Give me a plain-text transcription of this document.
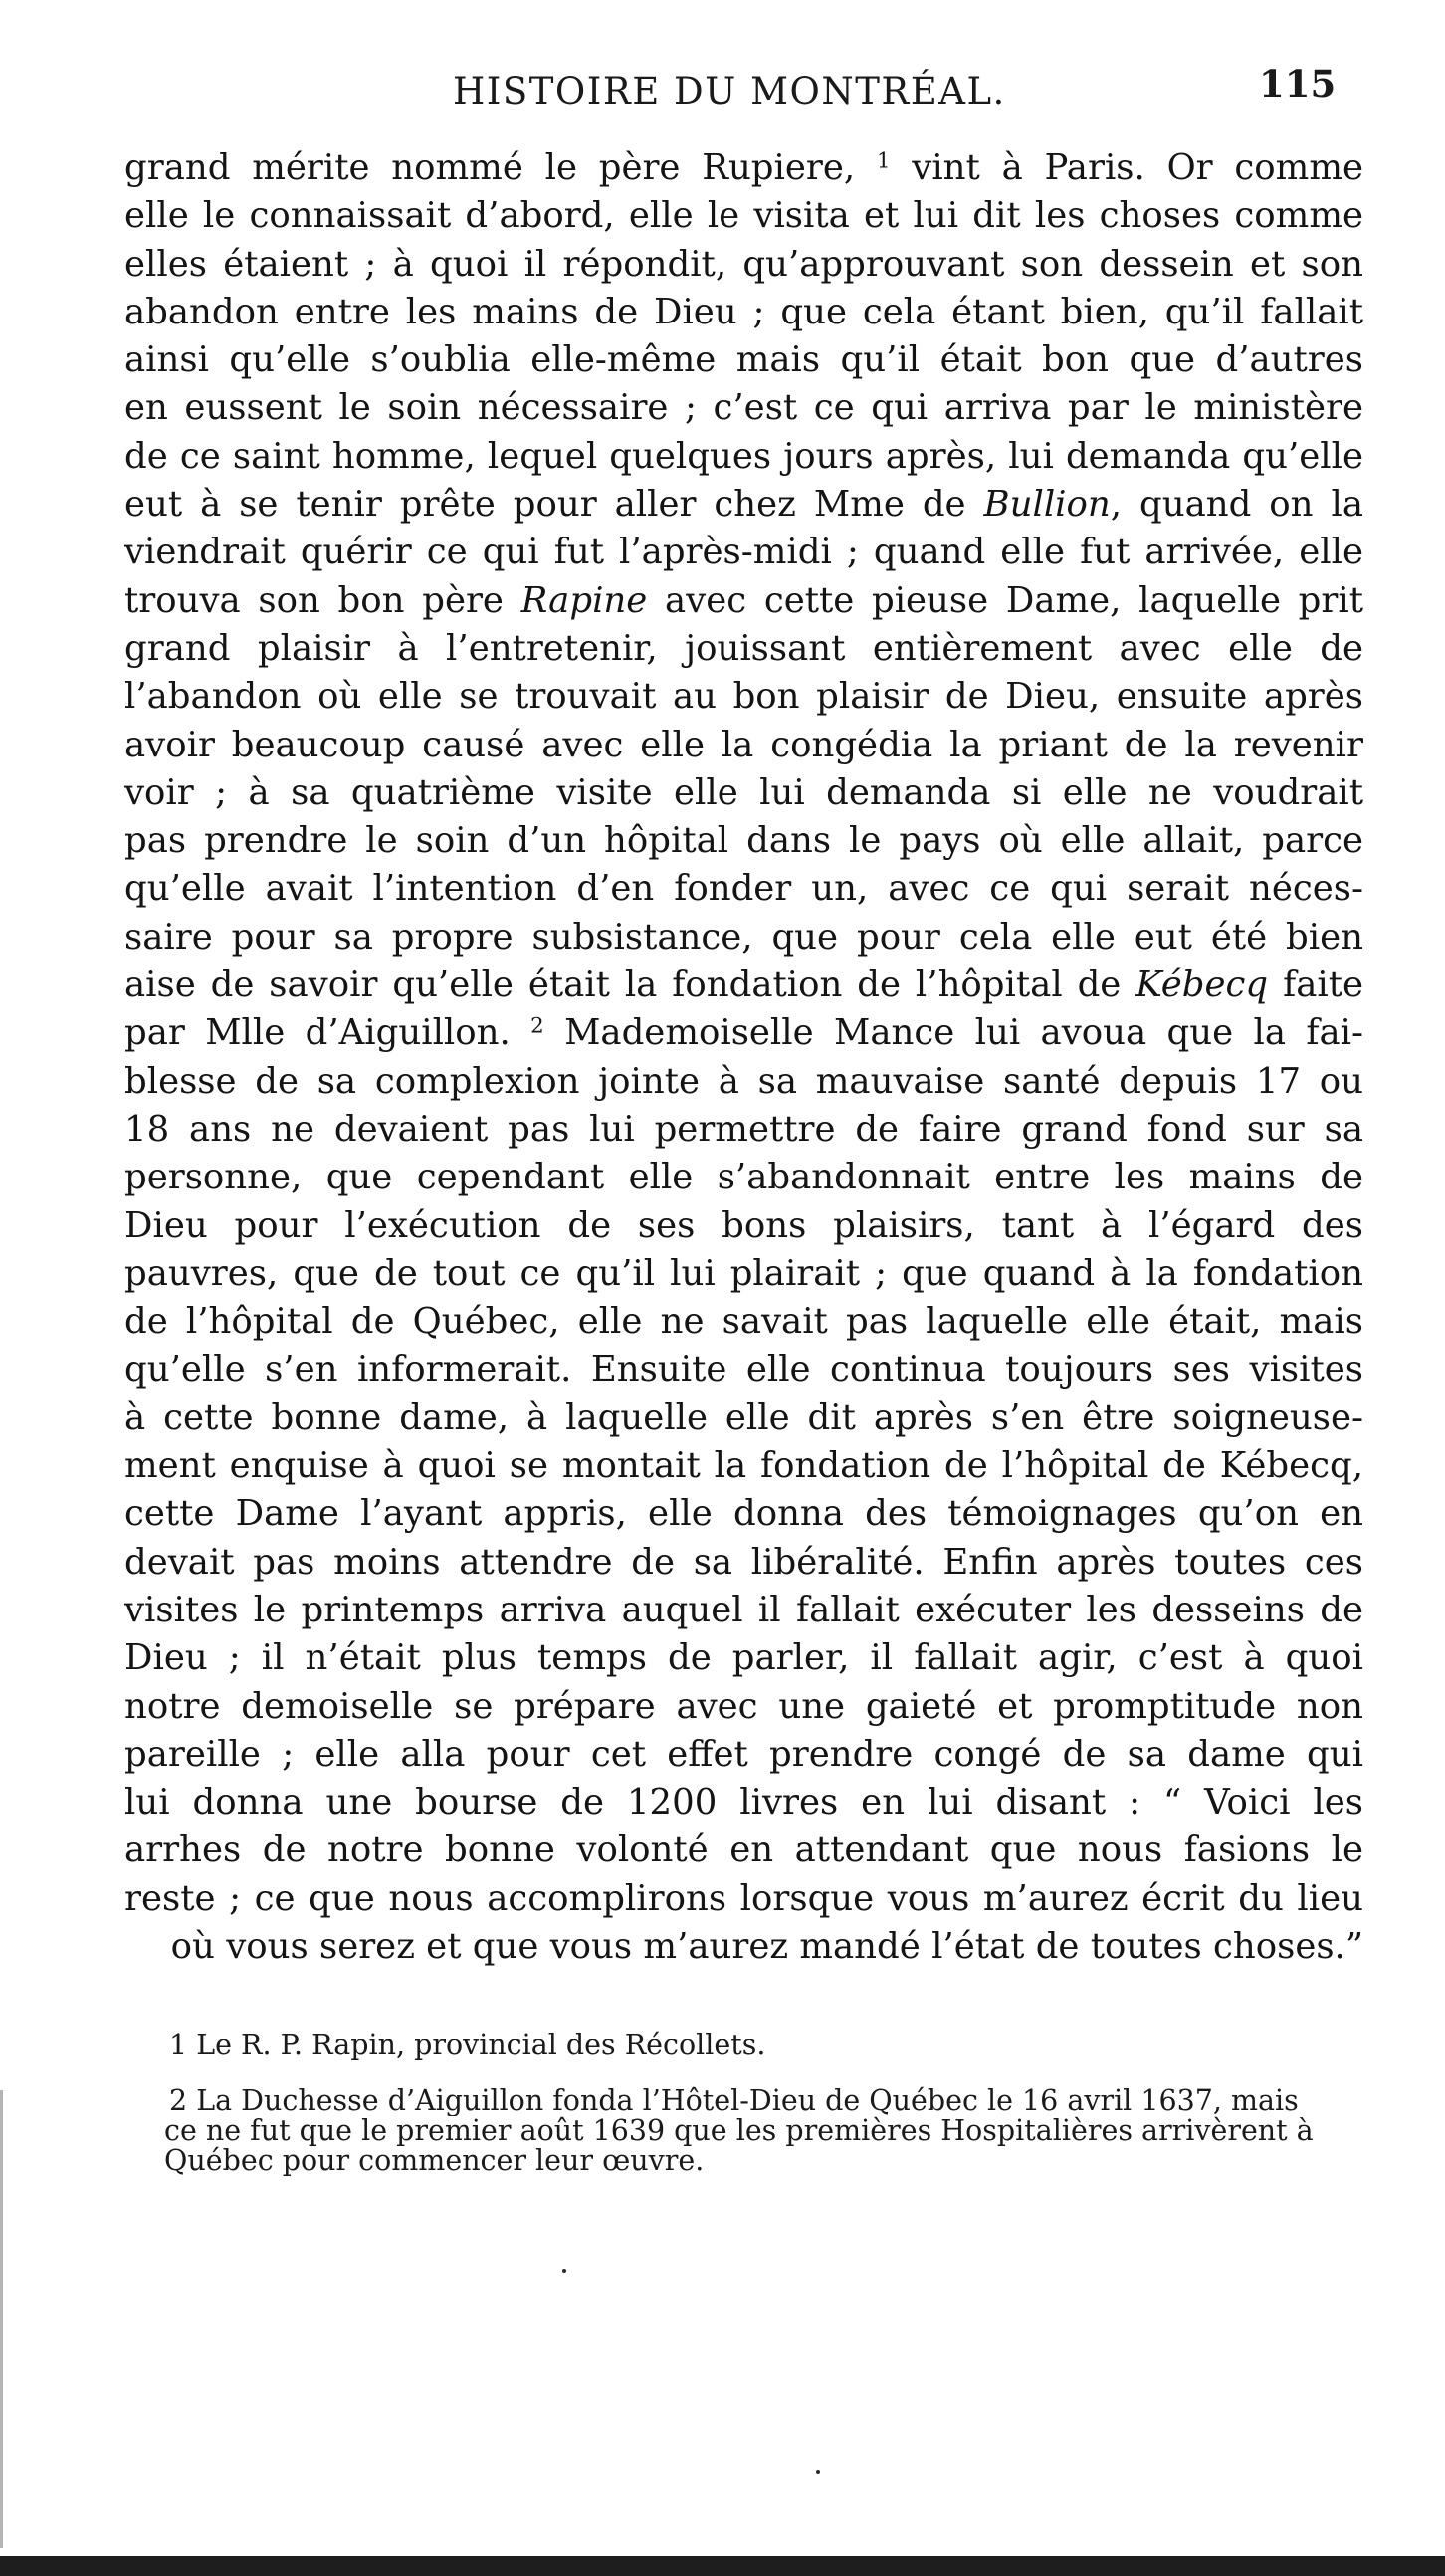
HISTOIRE DU MONTRÉAL.	115
grand mérite nommé le père Rupiere, $^1$ vint à Paris. Or comme
elle le connaissait d’abord, elle le visita et lui dit les choses comme
elles étaient ; à quoi il répondit, qu’approuvant son dessein et son
abandon entre les mains de Dieu ; que cela étant bien, qu’il fallait
ainsi qu’elle s’oublia elle-même mais qu’il était bon que d’autres
en eussent le soin nécessaire ; c’est ce qui arriva par le ministère
de ce saint homme, lequel quelques jours après, lui demanda qu’elle
eut à se tenir prête pour aller chez Mme de Bullion, quand on la
viendrait quérir ce qui fut l’après-midi ; quand elle fut arrivée, elle
trouva son bon père Rapine avec cette pieuse Dame, laquelle prit
grand plaisir à l’entretenir, jouissant entièrement avec elle de
l’abandon où elle se trouvait au bon plaisir de Dieu, ensuite après
avoir beaucoup causé avec elle la congédia la priant de la revenir
voir ; à sa quatrième visite elle lui demanda si elle ne voudrait
pas prendre le soin d’un hôpital dans le pays où elle allait, parce
qu’elle avait l’intention d’en fonder un, avec ce qui serait néces-
saire pour sa propre subsistance, que pour cela elle eut été bien
aise de savoir qu’elle était la fondation de l’hôpital de Kébecq faite
par Mlle d’Aiguillon. $^2$ Mademoiselle Mance lui avoua que la fai-
blesse de sa complexion jointe à sa mauvaise santé depuis 17 ou
18 ans ne devaient pas lui permettre de faire grand fond sur sa
personne, que cependant elle s’abandonnait entre les mains de
Dieu pour l’exécution de ses bons plaisirs, tant à l’égard des
pauvres, que de tout ce qu’il lui plairait ; que quand à la fondation
de l’hôpital de Québec, elle ne savait pas laquelle elle était, mais
qu’elle s’en informerait. Ensuite elle continua toujours ses visites
à cette bonne dame, à laquelle elle dit après s’en être soigneuse-
ment enquise à quoi se montait la fondation de l’hôpital de Kébecq,
cette Dame l’ayant appris, elle donna des témoignages qu’on en
devait pas moins attendre de sa libéralité. Enfin après toutes ces
visites le printemps arriva auquel il fallait exécuter les desseins de
Dieu ; il n’était plus temps de parler, il fallait agir, c’est à quoi
notre demoiselle se prépare avec une gaieté et promptitude non
pareille ; elle alla pour cet effet prendre congé de sa dame qui
lui donna une bourse de 1200 livres en lui disant : “ Voici les
arrhes de notre bonne volonté en attendant que nous fasions le
reste ; ce que nous accomplirons lorsque vous m’aurez écrit du lieu
où vous serez et que vous m’aurez mandé l’état de toutes choses.”
1 Le R. P. Rapin, provincial des Récollets.
2 La Duchesse d’Aiguillon fonda l’Hôtel-Dieu de Québec le 16 avril 1637, mais
ce ne fut que le premier août 1639 que les premières Hospitalières arrivèrent à
Québec pour commencer leur œuvre.
